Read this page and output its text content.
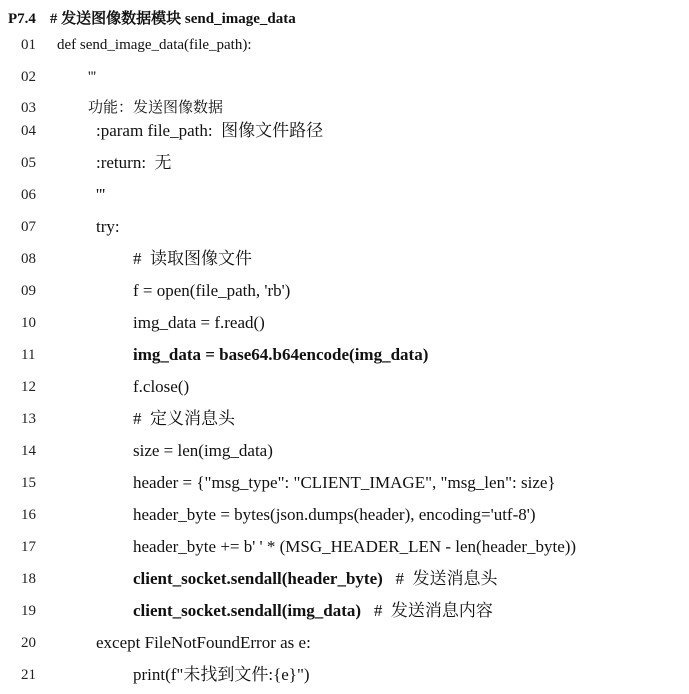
P7.4 # 发送图像数据模块 send_image_data
01	def send_image_data(file_path):
02	'''
03	功能：发送图像数据
04	:param file_path:  图像文件路径
05	:return:  无
06	'''
07	try:
08	#  读取图像文件
09	f = open(file_path, 'rb')
10	img_data = f.read()
11	img_data = base64.b64encode(img_data)
12	f.close()
13	#  定义消息头
14	size = len(img_data)
15	header = {"msg_type": "CLIENT_IMAGE", "msg_len": size}
16	header_byte = bytes(json.dumps(header), encoding='utf-8')
17	header_byte += b' ' * (MSG_HEADER_LEN - len(header_byte))
18	client_socket.sendall(header_byte)   #  发送消息头
19	client_socket.sendall(img_data)   #  发送消息内容
20	except FileNotFoundError as e:
21	print(f"未找到文件:{e}")
